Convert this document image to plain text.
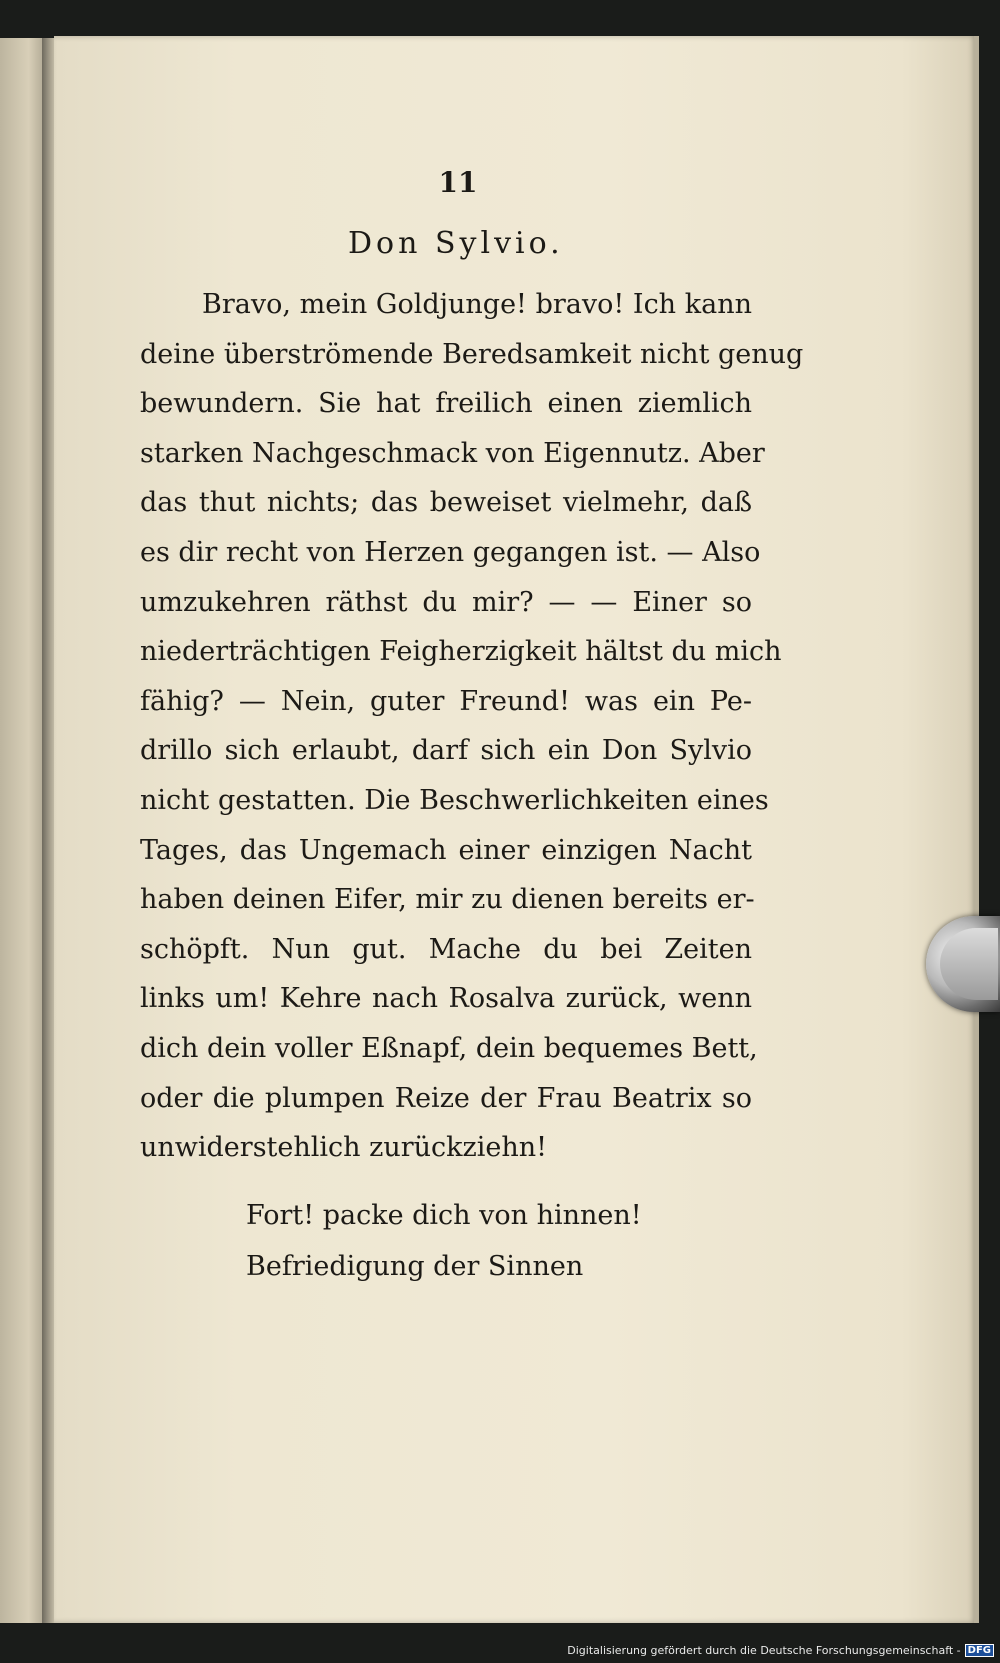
11
Don Sylvio.

Bravo, mein Goldjunge! bravo! Ich kann
deine überströmende Beredsamkeit nicht genug
bewundern. Sie hat freilich einen ziemlich
starken Nachgeschmack von Eigennutz. Aber
das thut nichts; das beweiset vielmehr, daß
es dir recht von Herzen gegangen ist. — Also
umzukehren räthst du mir? — — Einer so
niederträchtigen Feigherzigkeit hältst du mich
fähig? — Nein, guter Freund! was ein Pe-
drillo sich erlaubt, darf sich ein Don Sylvio
nicht gestatten. Die Beschwerlichkeiten eines
Tages, das Ungemach einer einzigen Nacht
haben deinen Eifer, mir zu dienen bereits er-
schöpft. Nun gut. Mache du bei Zeiten
links um! Kehre nach Rosalva zurück, wenn
dich dein voller Eßnapf, dein bequemes Bett,
oder die plumpen Reize der Frau Beatrix so
unwiderstehlich zurückziehn!

Fort! packe dich von hinnen!
Befriedigung der Sinnen

Digitalisierung gefördert durch die Deutsche Forschungsgemeinschaft - DFG
